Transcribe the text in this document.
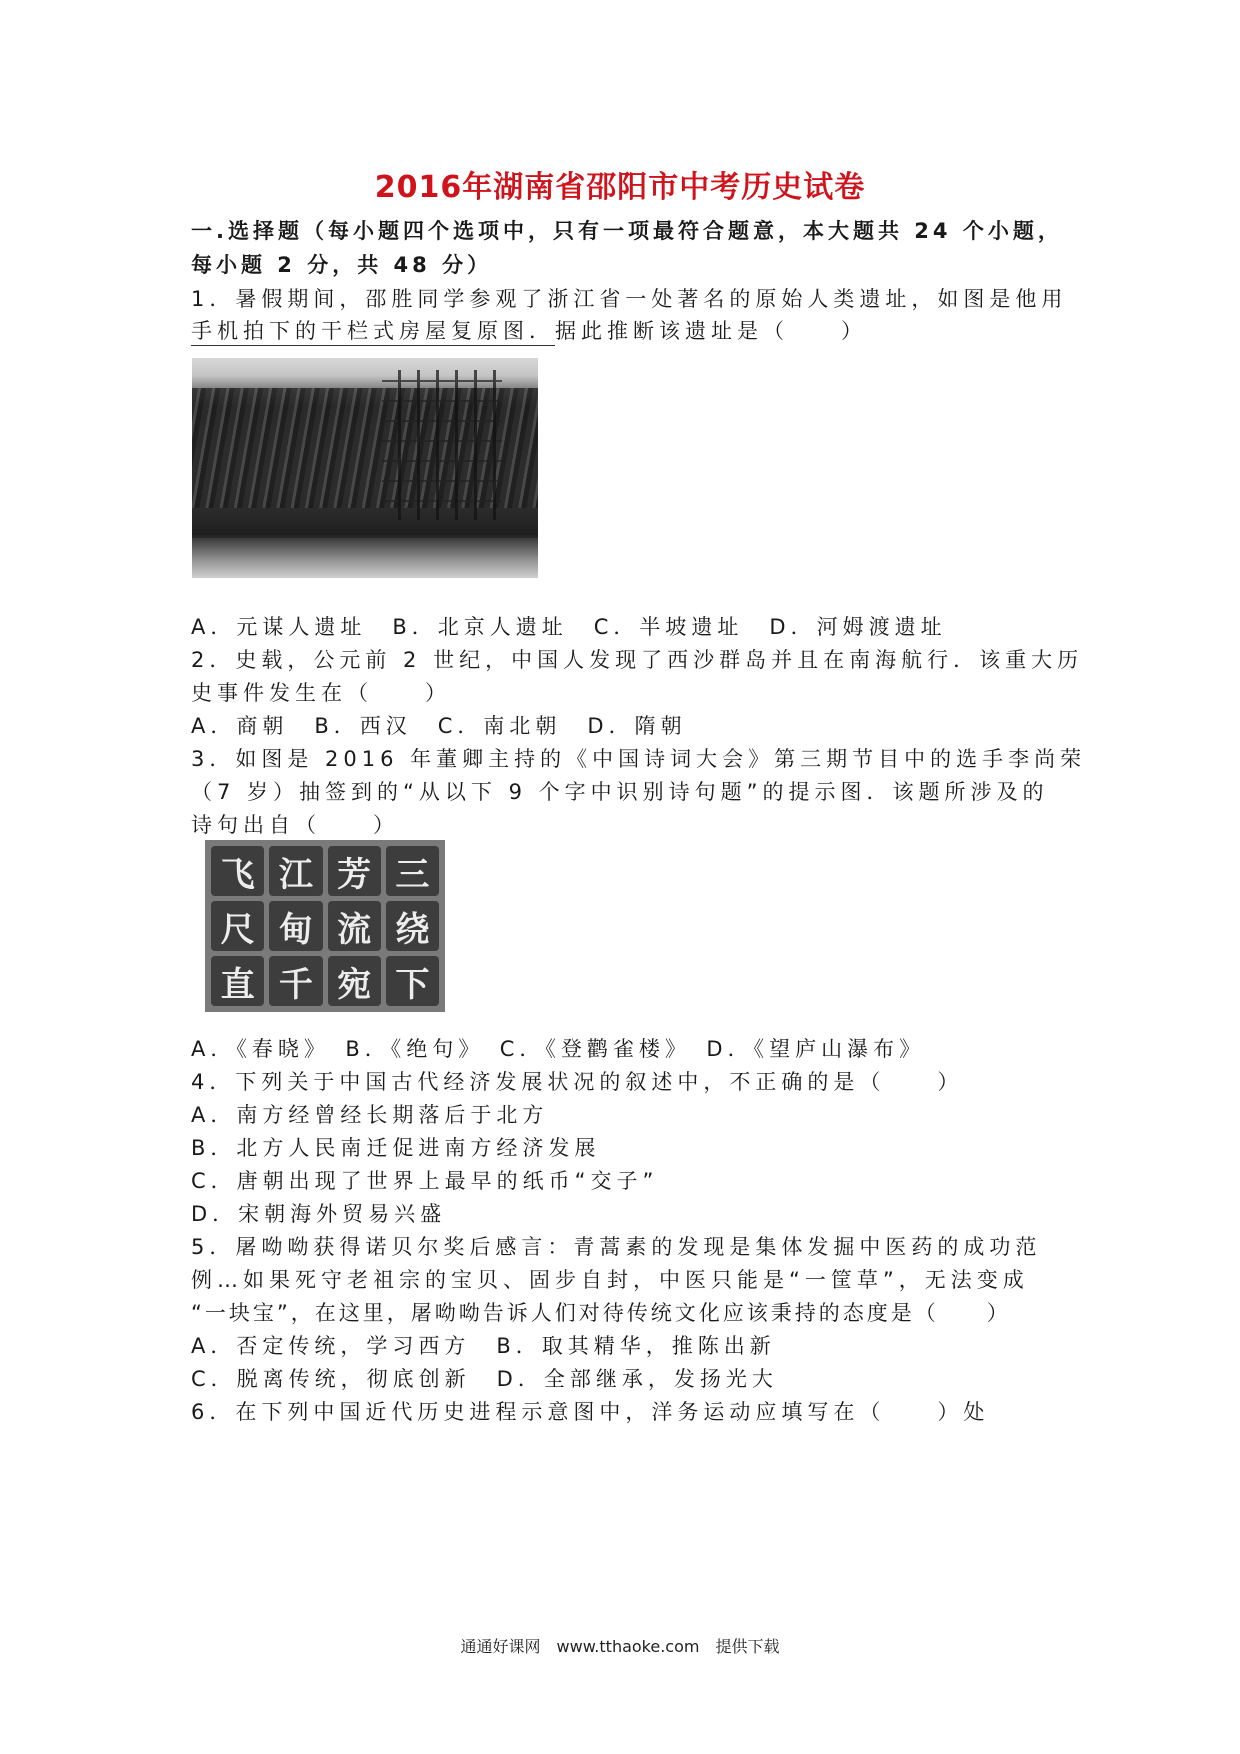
2016年湖南省邵阳市中考历史试卷
一.选择题（每小题四个选项中，只有一项最符合题意，本大题共 24 个小题，
每小题 2 分，共 48 分）
1．暑假期间，邵胜同学参观了浙江省一处著名的原始人类遗址，如图是他用
手机拍下的干栏式房屋复原图．据此推断该遗址是（　　）
A．元谋人遗址　B．北京人遗址　C．半坡遗址　D．河姆渡遗址
2．史载，公元前 2 世纪，中国人发现了西沙群岛并且在南海航行．该重大历
史事件发生在（　　）
A．商朝　B．西汉　C．南北朝　D．隋朝
3．如图是 2016 年董卿主持的《中国诗词大会》第三期节目中的选手李尚荣
（7 岁）抽签到的“从以下 9 个字中识别诗句题”的提示图．该题所涉及的
诗句出自（　　）
飞 江 芳 三
尺 甸 流 绕
直 千 宛 下
A．《春晓》　B．《绝句》　C．《登鹳雀楼》　D．《望庐山瀑布》
4．下列关于中国古代经济发展状况的叙述中，不正确的是（　　）
A．南方经曾经长期落后于北方
B．北方人民南迁促进南方经济发展
C．唐朝出现了世界上最早的纸币“交子”
D．宋朝海外贸易兴盛
5．屠呦呦获得诺贝尔奖后感言：青蒿素的发现是集体发掘中医药的成功范
例…如果死守老祖宗的宝贝、固步自封，中医只能是“一筐草”，无法变成
“一块宝”，在这里，屠呦呦告诉人们对待传统文化应该秉持的态度是（　　）
A．否定传统，学习西方　B．取其精华，推陈出新
C．脱离传统，彻底创新　D．全部继承，发扬光大
6．在下列中国近代历史进程示意图中，洋务运动应填写在（　　）处
通通好课网　www.tthaoke.com　提供下载
